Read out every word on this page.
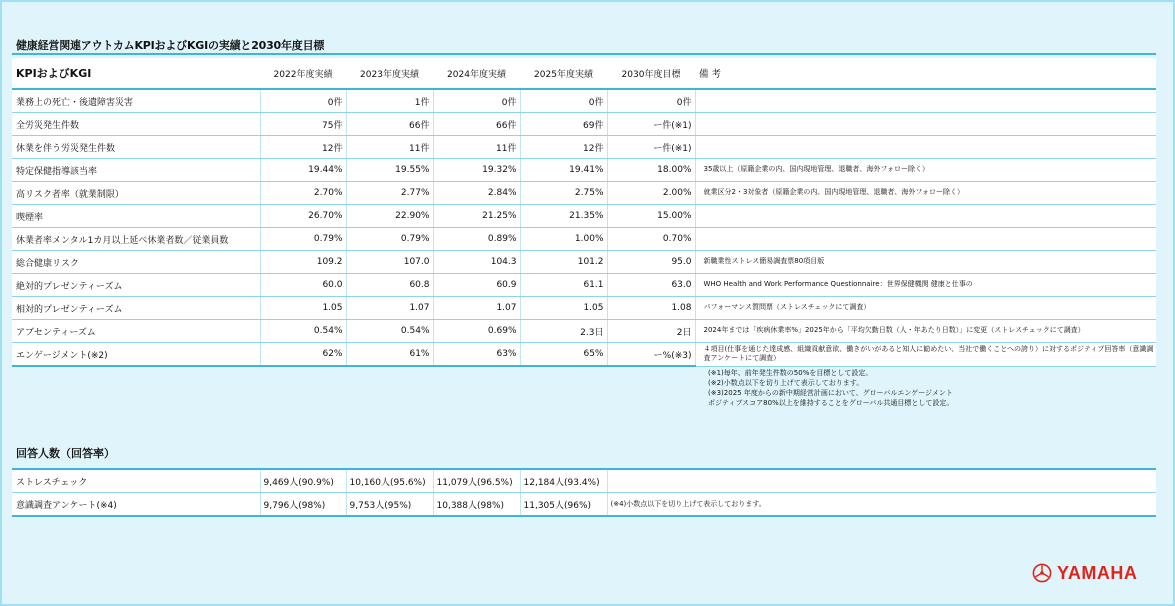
健康経営関連アウトカムKPIおよびKGIの実績と2030年度目標
KPIおよびKGI	2022年度実績	2023年度実績	2024年度実績	2025年度実績	2030年度目標	備 考
業務上の死亡・後遺障害災害	0件	1件	0件	0件	0件	
全労災発生件数	75件	66件	66件	69件	ー件(※1)	
休業を伴う労災発生件数	12件	11件	11件	12件	ー件(※1)	
特定保健指導該当率	19.44%	19.55%	19.32%	19.41%	18.00%	35歳以上（原籍企業の内、国内現地管理、退職者、海外フォロー除く）
高リスク者率（就業制限）	2.70%	2.77%	2.84%	2.75%	2.00%	就業区分2・3対象者（原籍企業の内、国内現地管理、退職者、海外フォロー除く）
喫煙率	26.70%	22.90%	21.25%	21.35%	15.00%	
休業者率メンタル1カ月以上延べ休業者数／従業員数	0.79%	0.79%	0.89%	1.00%	0.70%	
総合健康リスク	109.2	107.0	104.3	101.2	95.0	新職業性ストレス簡易調査票80項目版
絶対的プレゼンティーズム	60.0	60.8	60.9	61.1	63.0	WHO Health and Work Performance Questionnaire：世界保健機関 健康と仕事の
相対的プレゼンティーズム	1.05	1.07	1.07	1.05	1.08	パフォーマンス質問票（ストレスチェックにて調査）
アブセンティーズム	0.54%	0.54%	0.69%	2.3日	2日	2024年までは「疾病休業率%」2025年から「平均欠勤日数（人・年あたり日数）」に変更（ストレスチェックにて調査）
エンゲージメント(※2)	62%	61%	63%	65%	ー%(※3)	４項目(仕事を通じた達成感、組織貢献意欲、働きがいがあると知人に勧めたい、当社で働くことへの誇り）に対するポジティブ回答率（意識調査アンケートにて調査）
(※1)毎年、前年発生件数の50%を目標として設定。
(※2)小数点以下を切り上げて表示しております。
(※3)2025 年度からの新中期経営計画において、グローバルエンゲージメント
ポジティブスコア80%以上を維持することをグローバル共通目標として設定。
回答人数（回答率）
ストレスチェック	9,469人(90.9%)	10,160人(95.6%)	11,079人(96.5%)	12,184人(93.4%)	
意識調査アンケート(※4)	9,796人(98%)	9,753人(95%)	10,388人(98%)	11,305人(96%)	(※4)小数点以下を切り上げて表示しております。
YAMAHA
